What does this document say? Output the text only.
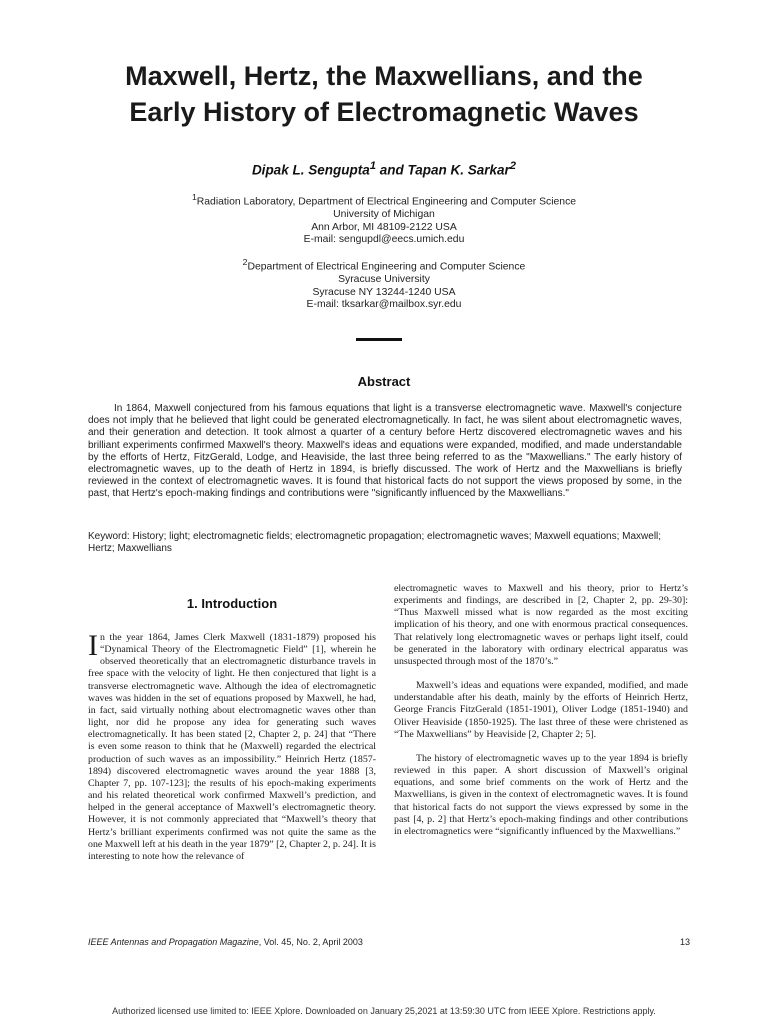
Maxwell, Hertz, the Maxwellians, and the
Early History of Electromagnetic Waves
Dipak L. Sengupta$^1$ and Tapan K. Sarkar$^2$
$^1$Radiation Laboratory, Department of Electrical Engineering and Computer Science
University of Michigan
Ann Arbor, MI 48109-2122 USA
E-mail: sengupdl@eecs.umich.edu
$^2$Department of Electrical Engineering and Computer Science
Syracuse University
Syracuse NY 13244-1240 USA
E-mail: tksarkar@mailbox.syr.edu
Abstract
In 1864, Maxwell conjectured from his famous equations that light is a transverse electromagnetic wave. Maxwell's conjecture does not imply that he believed that light could be generated electromagnetically. In fact, he was silent about electromagnetic waves, and their generation and detection. It took almost a quarter of a century before Hertz discovered electromagnetic waves and his brilliant experiments confirmed Maxwell's theory. Maxwell's ideas and equations were expanded, modified, and made understandable by the efforts of Hertz, FitzGerald, Lodge, and Heaviside, the last three being referred to as the "Maxwellians." The early history of electromagnetic waves, up to the death of Hertz in 1894, is briefly discussed. The work of Hertz and the Maxwellians is briefly reviewed in the context of electromagnetic waves. It is found that historical facts do not support the views proposed by some, in the past, that Hertz's epoch-making findings and contributions were "significantly influenced by the Maxwellians."
Keyword: History; light; electromagnetic fields; electromagnetic propagation; electromagnetic waves; Maxwell equations; Maxwell; Hertz; Maxwellians
1. Introduction

In the year 1864, James Clerk Maxwell (1831-1879) proposed his “Dynamical Theory of the Electromagnetic Field” [1], wherein he observed theoretically that an electromagnetic disturbance travels in free space with the velocity of light. He then conjectured that light is a transverse electromagnetic wave. Although the idea of electromagnetic waves was hidden in the set of equations proposed by Maxwell, he had, in fact, said virtually nothing about electromagnetic waves other than light, nor did he propose any idea for generating such waves electromagnetically. It has been stated [2, Chapter 2, p. 24] that “There is even some reason to think that he (Maxwell) regarded the electrical production of such waves as an impossibility.” Heinrich Hertz (1857-1894) discovered electromagnetic waves around the year 1888 [3, Chapter 7, pp. 107-123]; the results of his epoch-making experiments and his related theoretical work confirmed Maxwell’s prediction, and helped in the general acceptance of Maxwell’s electromagnetic theory. However, it is not commonly appreciated that “Maxwell’s theory that Hertz’s brilliant experiments confirmed was not quite the same as the one Maxwell left at his death in the year 1879” [2, Chapter 2, p. 24]. It is interesting to note how the relevance of

electromagnetic waves to Maxwell and his theory, prior to Hertz’s experiments and findings, are described in [2, Chapter 2, pp. 29-30]: “Thus Maxwell missed what is now regarded as the most exciting implication of his theory, and one with enormous practical consequences. That relatively long electromagnetic waves or perhaps light itself, could be generated in the laboratory with ordinary electrical apparatus was unsuspected through most of the 1870’s.”

Maxwell’s ideas and equations were expanded, modified, and made understandable after his death, mainly by the efforts of Heinrich Hertz, George Francis FitzGerald (1851-1901), Oliver Lodge (1851-1940) and Oliver Heaviside (1850-1925). The last three of these were christened as “The Maxwellians” by Heaviside [2, Chapter 2; 5].

The history of electromagnetic waves up to the year 1894 is briefly reviewed in this paper. A short discussion of Maxwell’s original equations, and some brief comments on the work of Hertz and the Maxwellians, is given in the context of electromagnetic waves. It is found that historical facts do not support the views expressed by some in the past [4, p. 2] that Hertz’s epoch-making findings and other contributions in electromagnetics were “significantly influenced by the Maxwellians.”

IEEE Antennas and Propagation Magazine, Vol. 45, No. 2, April 2003	13
Authorized licensed use limited to: IEEE Xplore. Downloaded on January 25,2021 at 13:59:30 UTC from IEEE Xplore. Restrictions apply.
